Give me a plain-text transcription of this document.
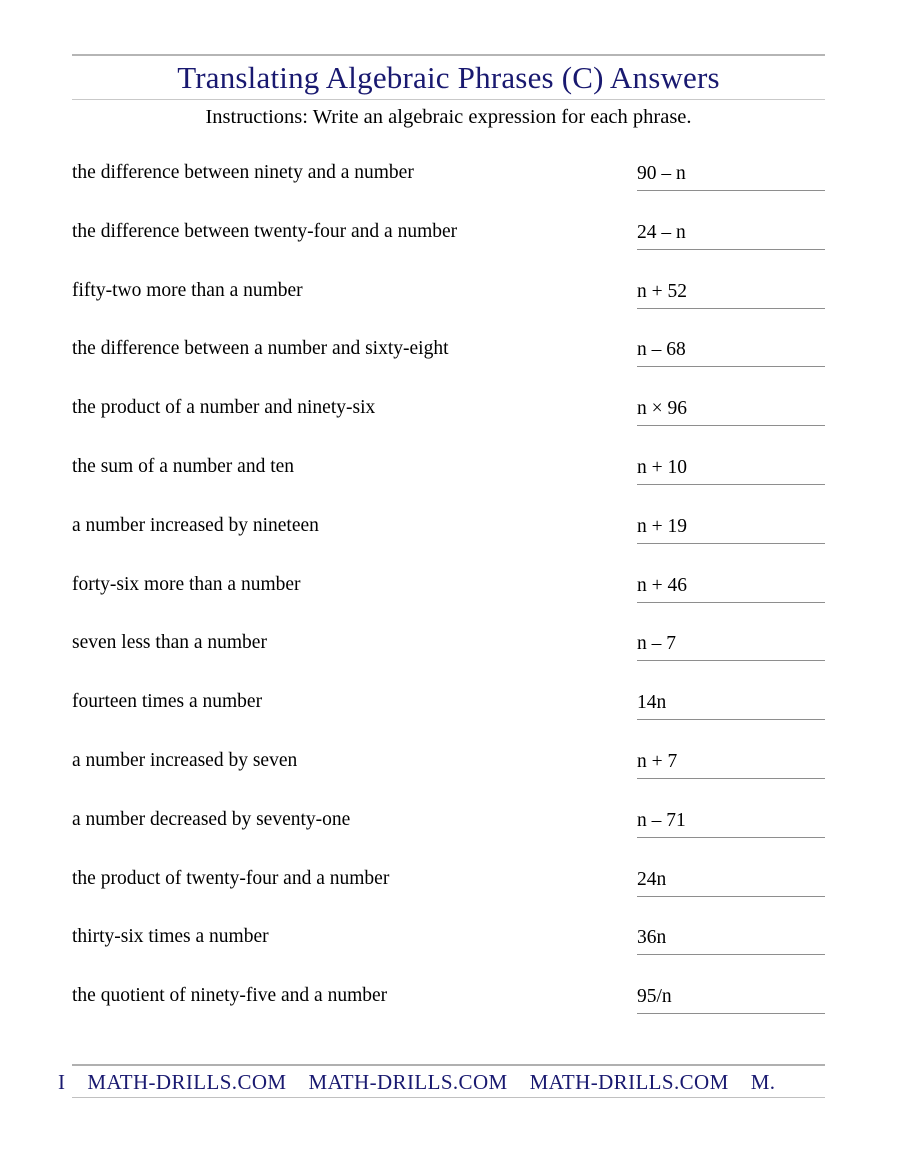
Translating Algebraic Phrases (C) Answers
Instructions: Write an algebraic expression for each phrase.
the difference between ninety and a number	90 – n
the difference between twenty-four and a number	24 – n
fifty-two more than a number	n + 52
the difference between a number and sixty-eight	n – 68
the product of a number and ninety-six	n × 96
the sum of a number and ten	n + 10
a number increased by nineteen	n + 19
forty-six more than a number	n + 46
seven less than a number	n – 7
fourteen times a number	14n
a number increased by seven	n + 7
a number decreased by seventy-one	n – 71
the product of twenty-four and a number	24n
thirty-six times a number	36n
the quotient of ninety-five and a number	95/n
I MATH-DRILLS.COM MATH-DRILLS.COM MATH-DRILLS.COM M.
